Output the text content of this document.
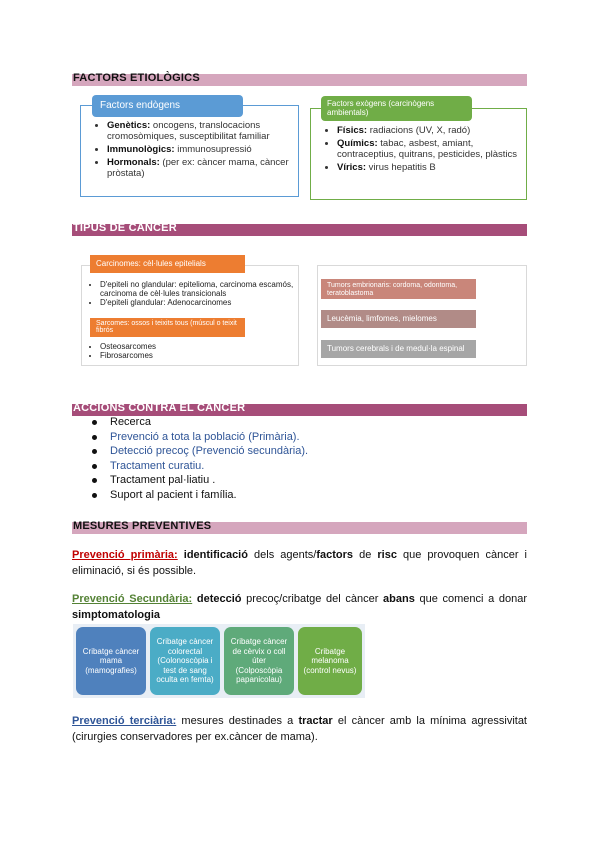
FACTORS ETIOLÒGICS
• Genètics: oncogens, translocacions cromosòmiques, susceptibilitat familiar
• Immunològics: immunosupressió
• Hormonals: (per ex: càncer mama, càncer pròstata)
Factors endògens
• Físics: radiacions (UV, X, radó)
• Químics: tabac, asbest, amiant, contraceptius, quitrans, pesticides, plàstics
• Vírics: virus hepatitis B
Factors exògens (carcinògens ambientals)
TIPUS DE CÀNCER
• D'epiteli no glandular: epitelioma, carcinoma escamós, carcinoma de cèl·lules transicionals
• D'epiteli glandular: Adenocarcinomes
• Osteosarcomes
• Fibrosarcomes
Carcinomes: cèl·lules epitelials
Sarcomes: ossos i teixits tous (múscul o teixit fibrós
Tumors embrionaris: cordoma, odontoma, teratoblastoma
Leucèmia, limfomes, mielomes
Tumors cerebrals i de medul·la espinal
ACCIONS CONTRA EL CÀNCER
Recerca
Prevenció a tota la població (Primària).
Detecció precoç (Prevenció secundària).
Tractament curatiu.
Tractament pal·liatiu .
Suport al pacient i família.
MESURES PREVENTIVES
Prevenció primària: identificació dels agents/factors de risc que provoquen càncer i eliminació, si és possible.
Prevenció Secundària: detecció precoç/cribatge del càncer abans que comenci a donar simptomatologia
Cribatge càncer mama (mamografies)
Cribatge càncer colorectal (Colonoscòpia i test de sang oculta en femta)
Cribatge càncer de cèrvix o coll úter (Colposcòpia papanicolau)
Cribatge melanoma (control nevus)
Prevenció terciària: mesures destinades a tractar el càncer amb la mínima agressivitat (cirurgies conservadores per ex.càncer de mama).
